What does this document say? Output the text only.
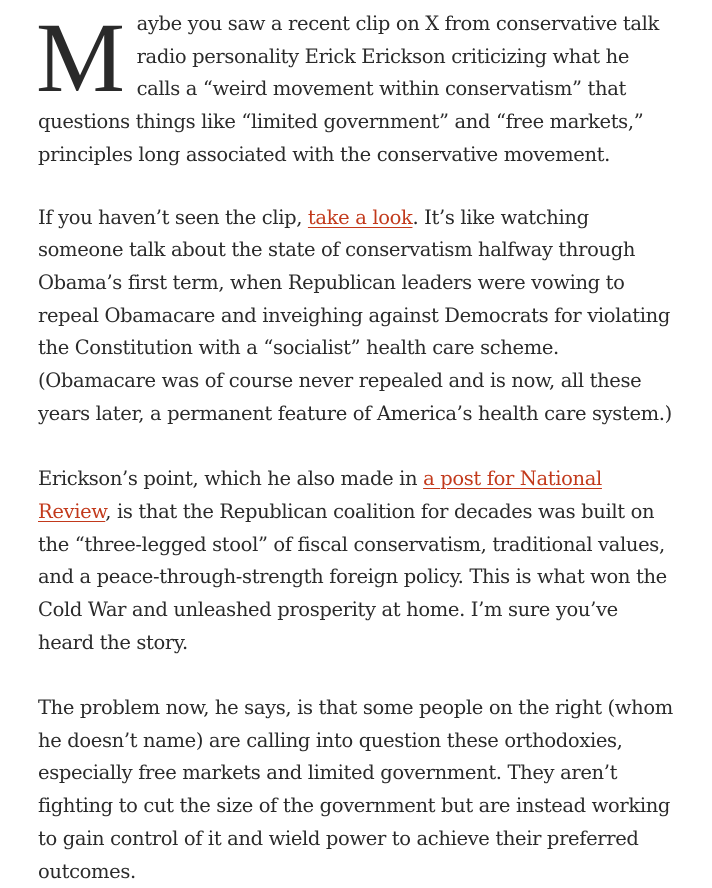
Maybe you saw a recent clip on X from conservative talk radio personality Erick Erickson criticizing what he calls a “weird movement within conservatism” that questions things like “limited government” and “free markets,” principles long associated with the conservative movement.

If you haven’t seen the clip, take a look. It’s like watching someone talk about the state of conservatism halfway through Obama’s first term, when Republican leaders were vowing to repeal Obamacare and inveighing against Democrats for violating the Constitution with a “socialist” health care scheme. (Obamacare was of course never repealed and is now, all these years later, a permanent feature of America’s health care system.)

Erickson’s point, which he also made in a post for National Review, is that the Republican coalition for decades was built on the “three-legged stool” of fiscal conservatism, traditional values, and a peace-through-strength foreign policy. This is what won the Cold War and unleashed prosperity at home. I’m sure you’ve heard the story.

The problem now, he says, is that some people on the right (whom he doesn’t name) are calling into question these orthodoxies, especially free markets and limited government. They aren’t fighting to cut the size of the government but are instead working to gain control of it and wield power to achieve their preferred outcomes.
